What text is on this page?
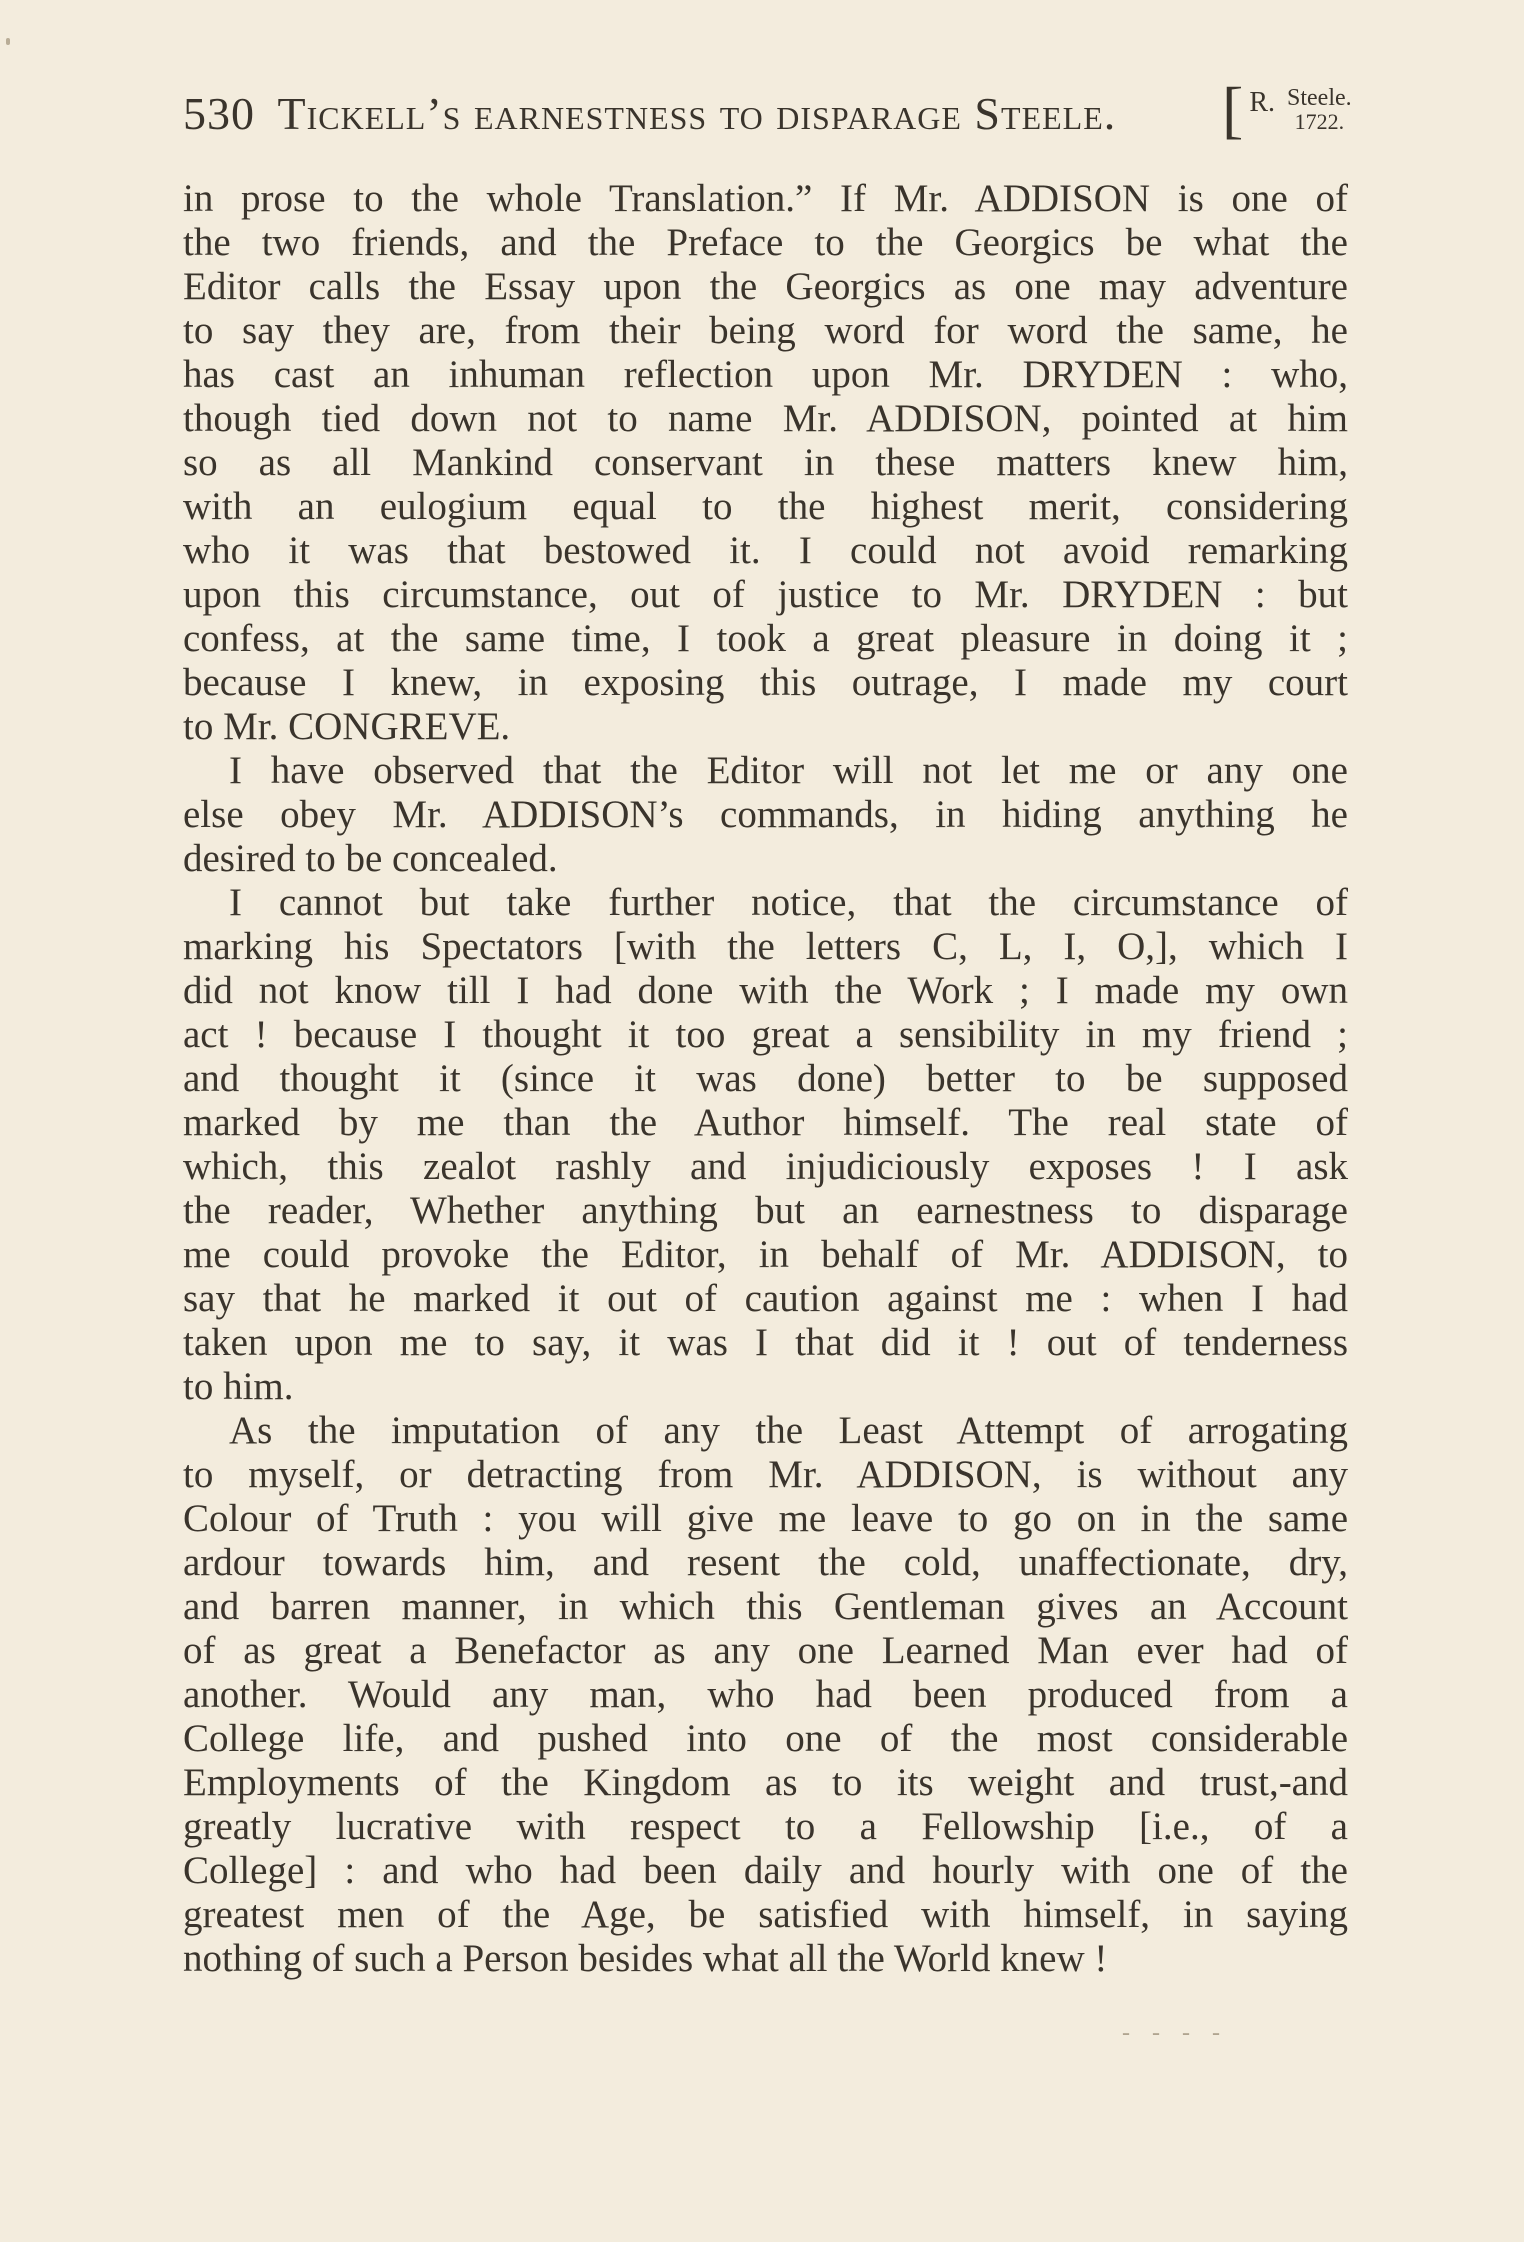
530 Tickell’s earnestness to disparage Steele.	[ R. Steele.
1722.
in prose to the whole Translation.” If Mr. ADDISON is one of
the two friends, and the Preface to the Georgics be what the
Editor calls the Essay upon the Georgics as one may adventure
to say they are, from their being word for word the same, he
has cast an inhuman reflection upon Mr. DRYDEN : who,
though tied down not to name Mr. ADDISON, pointed at him
so as all Mankind conservant in these matters knew him,
with an eulogium equal to the highest merit, considering
who it was that bestowed it. I could not avoid remarking
upon this circumstance, out of justice to Mr. DRYDEN : but
confess, at the same time, I took a great pleasure in doing it ;
because I knew, in exposing this outrage, I made my court
to Mr. CONGREVE.
I have observed that the Editor will not let me or any one
else obey Mr. ADDISON’s commands, in hiding anything he
desired to be concealed.
I cannot but take further notice, that the circumstance of
marking his Spectators [with the letters C, L, I, O,], which I
did not know till I had done with the Work ; I made my own
act ! because I thought it too great a sensibility in my friend ;
and thought it (since it was done) better to be supposed
marked by me than the Author himself. The real state of
which, this zealot rashly and injudiciously exposes ! I ask
the reader, Whether anything but an earnestness to disparage
me could provoke the Editor, in behalf of Mr. ADDISON, to
say that he marked it out of caution against me : when I had
taken upon me to say, it was I that did it ! out of tenderness
to him.
As the imputation of any the Least Attempt of arrogating
to myself, or detracting from Mr. ADDISON, is without any
Colour of Truth : you will give me leave to go on in the same
ardour towards him, and resent the cold, unaffectionate, dry,
and barren manner, in which this Gentleman gives an Account
of as great a Benefactor as any one Learned Man ever had of
another. Would any man, who had been produced from a
College life, and pushed into one of the most considerable
Employments of the Kingdom as to its weight and trust,-and
greatly lucrative with respect to a Fellowship [i.e., of a
College] : and who had been daily and hourly with one of the
greatest men of the Age, be satisfied with himself, in saying
nothing of such a Person besides what all the World knew !
- - - -
